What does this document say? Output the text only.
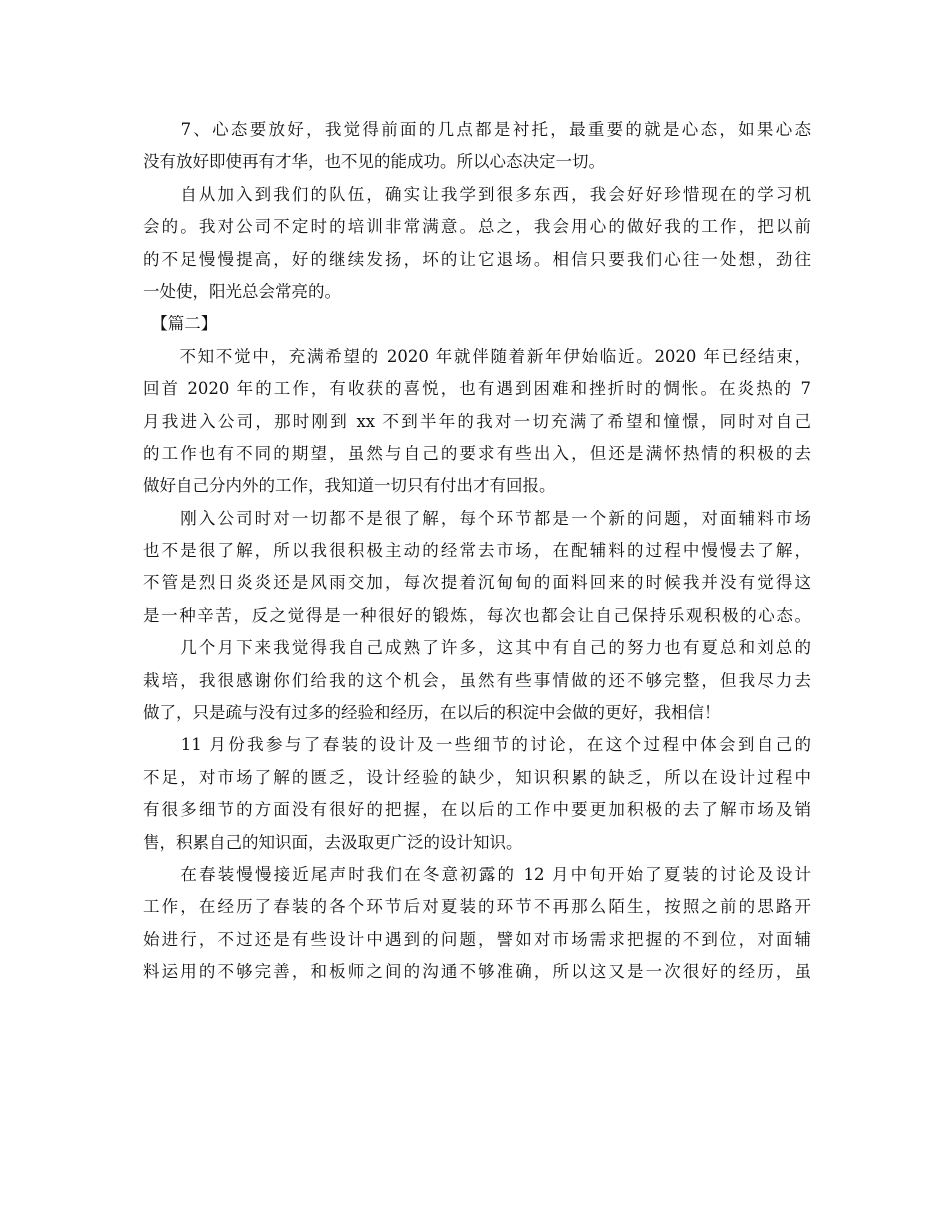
　　7、心态要放好，我觉得前面的几点都是衬托，最重要的就是心态，如果心态
没有放好即使再有才华，也不见的能成功。所以心态决定一切。
　　自从加入到我们的队伍，确实让我学到很多东西，我会好好珍惜现在的学习机
会的。我对公司不定时的培训非常满意。总之，我会用心的做好我的工作，把以前
的不足慢慢提高，好的继续发扬，坏的让它退场。相信只要我们心往一处想，劲往
一处使，阳光总会常亮的。
　【篇二】
　　不知不觉中，充满希望的 2020 年就伴随着新年伊始临近。2020 年已经结束，
回首 2020 年的工作，有收获的喜悦，也有遇到困难和挫折时的惆怅。在炎热的 7
月我进入公司，那时刚到 xx 不到半年的我对一切充满了希望和憧憬，同时对自己
的工作也有不同的期望，虽然与自己的要求有些出入，但还是满怀热情的积极的去
做好自己分内外的工作，我知道一切只有付出才有回报。
　　刚入公司时对一切都不是很了解，每个环节都是一个新的问题，对面辅料市场
也不是很了解，所以我很积极主动的经常去市场，在配辅料的过程中慢慢去了解，
不管是烈日炎炎还是风雨交加，每次提着沉甸甸的面料回来的时候我并没有觉得这
是一种辛苦，反之觉得是一种很好的锻炼，每次也都会让自己保持乐观积极的心态。
　　几个月下来我觉得我自己成熟了许多，这其中有自己的努力也有夏总和刘总的
栽培，我很感谢你们给我的这个机会，虽然有些事情做的还不够完整，但我尽力去
做了，只是疏与没有过多的经验和经历，在以后的积淀中会做的更好，我相信！
　　11 月份我参与了春装的设计及一些细节的讨论，在这个过程中体会到自己的
不足，对市场了解的匮乏，设计经验的缺少，知识积累的缺乏，所以在设计过程中
有很多细节的方面没有很好的把握，在以后的工作中要更加积极的去了解市场及销
售，积累自己的知识面，去汲取更广泛的设计知识。
　　在春装慢慢接近尾声时我们在冬意初露的 12 月中旬开始了夏装的讨论及设计
工作，在经历了春装的各个环节后对夏装的环节不再那么陌生，按照之前的思路开
始进行，不过还是有些设计中遇到的问题，譬如对市场需求把握的不到位，对面辅
料运用的不够完善，和板师之间的沟通不够准确，所以这又是一次很好的经历，虽
